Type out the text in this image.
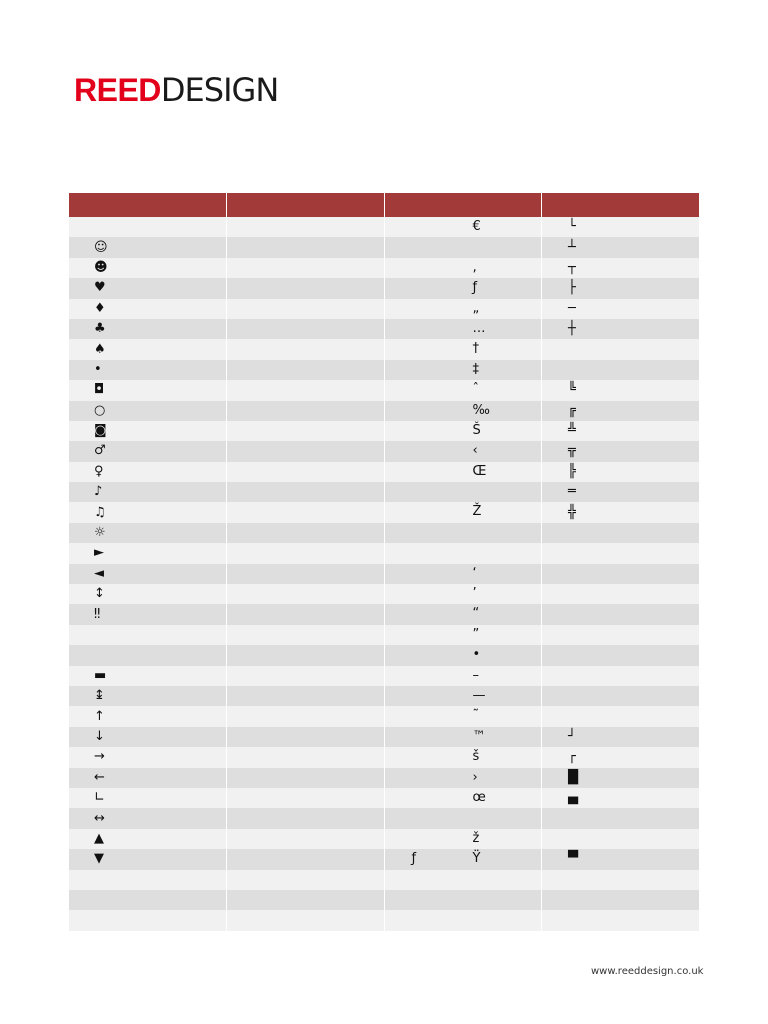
REEDDESIGN

		€	└
☺			┴
☻		‚	┬
♥		ƒ	├
♦		„	─
♣		…	┼
♠		†	

•		‡	

◘		ˆ	╚
○		‰	╔
◙		Š	╩
♂		‹	╦
♀		Œ	╠
♪			═
♫		Ž	╬
☼		

►		

◄		‘	

↕		’	

‼		“	

		”	

		•	

▬		–	

↨		—	

↑		˜	

↓		™	┘
→		š	┌
←		›	█
∟		œ	▄
↔		

▲		ž	

▼		ƒ Ÿ	▀

www.reeddesign.co.uk
